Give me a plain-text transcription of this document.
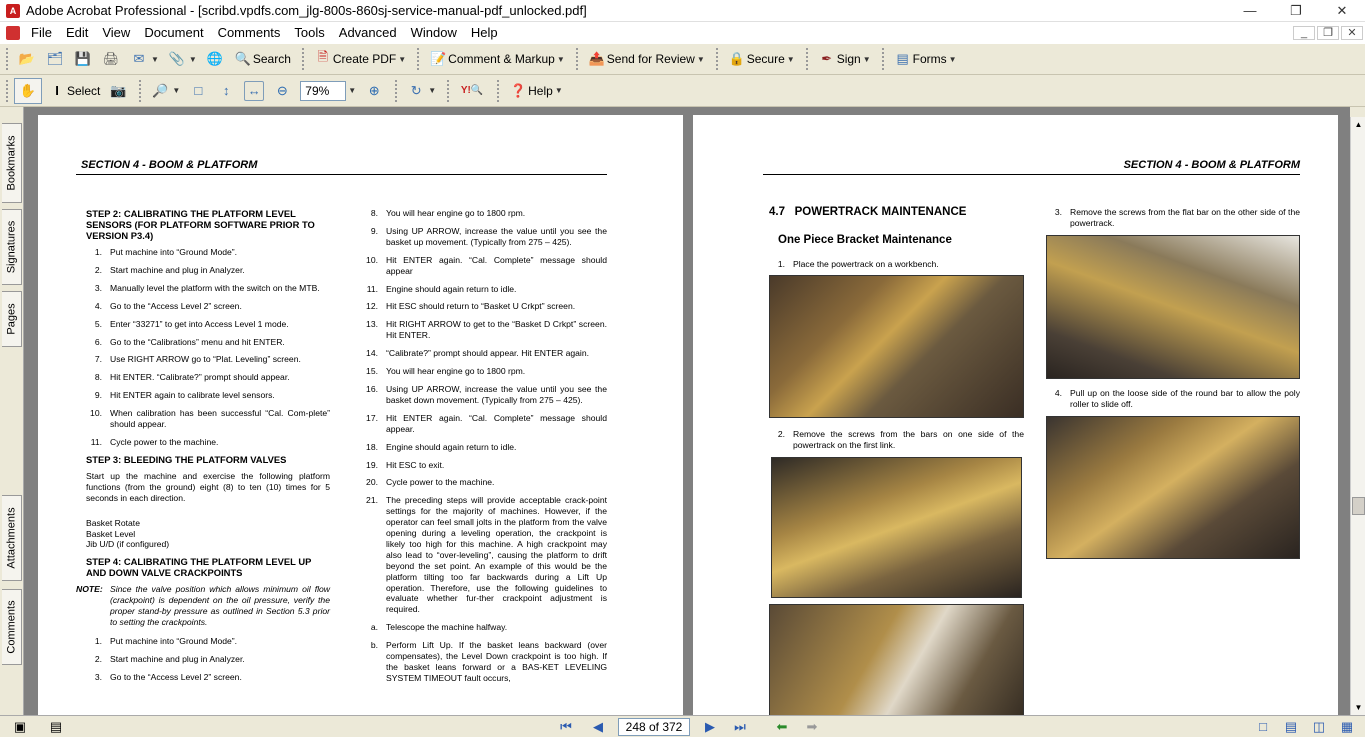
A Adobe Acrobat Professional - [scribd.vpdfs.com_jlg-800s-860sj-service-manual-pdf_unlocked.pdf]	—	❐	✕
File	Edit	View	Document	Comments	Tools	Advanced	Window	Help	_	❐	✕
📂 🗂 💾 🖨	✉ ▼ 📎 ▼ 🌐 🔍 Search	🗎 Create PDF ▼ 📝 Comment & Markup ▼ 📤 Send for Review ▼ 🔒 Secure ▼	✒ Sign ▼ ▤ Forms ▼
✋	I Select 📷 🔎 ▼	□	↕	↔	⊖	79%	▼ ⊕	↻ ▼ Y!🔍 ❓ Help ▼
Bookmarks
Signatures
Pages
Attachments
Comments
SECTION 4 - BOOM & PLATFORM
STEP 2: CALIBRATING THE PLATFORM LEVEL SENSORS (FOR PLATFORM SOFTWARE PRIOR TO VERSION P3.4)
1. Put machine into “Ground Mode”.
2. Start machine and plug in Analyzer.
3. Manually level the platform with the switch on the MTB.
4. Go to the “Access Level 2” screen.
5. Enter “33271” to get into Access Level 1 mode.
6. Go to the “Calibrations” menu and hit ENTER.
7. Use RIGHT ARROW go to “Plat. Leveling” screen.
8. Hit ENTER. “Calibrate?” prompt should appear.
9. Hit ENTER again to calibrate level sensors.
10. When calibration has been successful “Cal. Com-plete” should appear.
11. Cycle power to the machine.
STEP 3: BLEEDING THE PLATFORM VALVES
Start up the machine and exercise the following platform functions (from the ground) eight (8) to ten (10) times for 5 seconds in each direction.
Basket Rotate
Basket Level
Jib U/D (if configured)
STEP 4: CALIBRATING THE PLATFORM LEVEL UP AND DOWN VALVE CRACKPOINTS
NOTE: Since the valve position which allows minimum oil flow (crackpoint) is dependent on the oil pressure, verify the proper stand-by pressure as outlined in Section 5.3 prior to setting the crackpoints.
1. Put machine into “Ground Mode”.
2. Start machine and plug in Analyzer.
3. Go to the “Access Level 2” screen.
8. You will hear engine go to 1800 rpm.
9. Using UP ARROW, increase the value until you see the basket up movement. (Typically from 275 – 425).
10. Hit ENTER again. “Cal. Complete” message should appear
11. Engine should again return to idle.
12. Hit ESC should return to “Basket U Crkpt” screen.
13. Hit RIGHT ARROW to get to the “Basket D Crkpt” screen. Hit ENTER.
14. “Calibrate?” prompt should appear. Hit ENTER again.
15. You will hear engine go to 1800 rpm.
16. Using UP ARROW, increase the value until you see the basket down movement. (Typically from 275 – 425).
17. Hit ENTER again. “Cal. Complete” message should appear.
18. Engine should again return to idle.
19. Hit ESC to exit.
20. Cycle power to the machine.
21. The preceding steps will provide acceptable crack-point settings for the majority of machines. However, if the operator can feel small jolts in the platform from the valve opening during a leveling operation, the crackpoint is likely too high for this machine. A high crackpoint may also lead to “over-leveling”, causing the platform to drift beyond the set point. An example of this would be the platform tilting too far backwards during a Lift Up operation. Therefore, use the following guidelines to evaluate whether fur-ther crackpoint adjustment is required.
a. Telescope the machine halfway.
b. Perform Lift Up. If the basket leans backward (over compensates), the Level Down crackpoint is too high. If the basket leans forward or a BAS-KET LEVELING SYSTEM TIMEOUT fault occurs,
SECTION 4 - BOOM & PLATFORM
4.7 POWERTRACK MAINTENANCE
One Piece Bracket Maintenance
1. Place the powertrack on a workbench.
2. Remove the screws from the bars on one side of the powertrack on the first link.
3. Remove the screws from the flat bar on the other side of the powertrack.
4. Pull up on the loose side of the round bar to allow the poly roller to slide off.
▲
▼
▣ ▤	⏮	◀	248 of 372	▶	⏭	⬅	➡	□	▤ ◫ ▦
